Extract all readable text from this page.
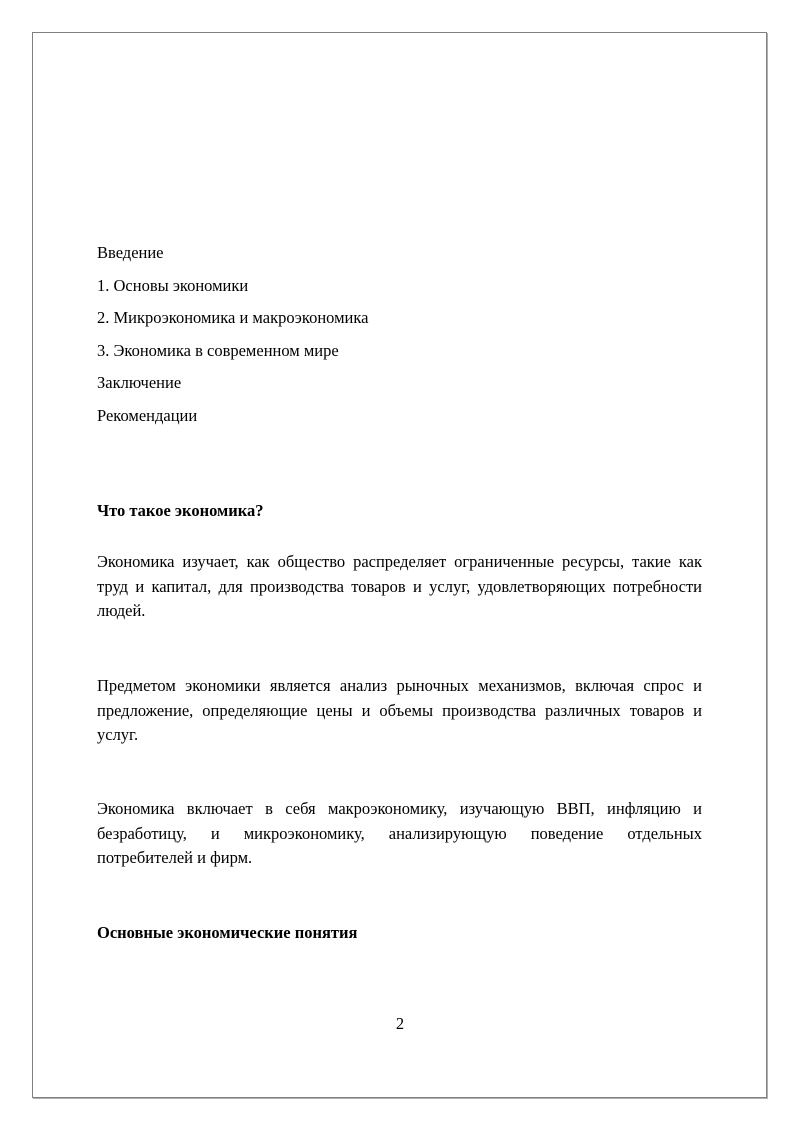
Введение
1. Основы экономики
2. Микроэкономика и макроэкономика
3. Экономика в современном мире
Заключение
Рекомендации
Что такое экономика?

Экономика изучает, как общество распределяет ограниченные ресурсы, такие как труд и капитал, для производства товаров и услуг, удовлетворяющих потребности людей.

Предметом экономики является анализ рыночных механизмов, включая спрос и предложение, определяющие цены и объемы производства различных товаров и услуг.

Экономика включает в себя макроэкономику, изучающую ВВП, инфляцию и безработицу, и микроэкономику, анализирующую поведение отдельных потребителей и фирм.

Основные экономические понятия
2
